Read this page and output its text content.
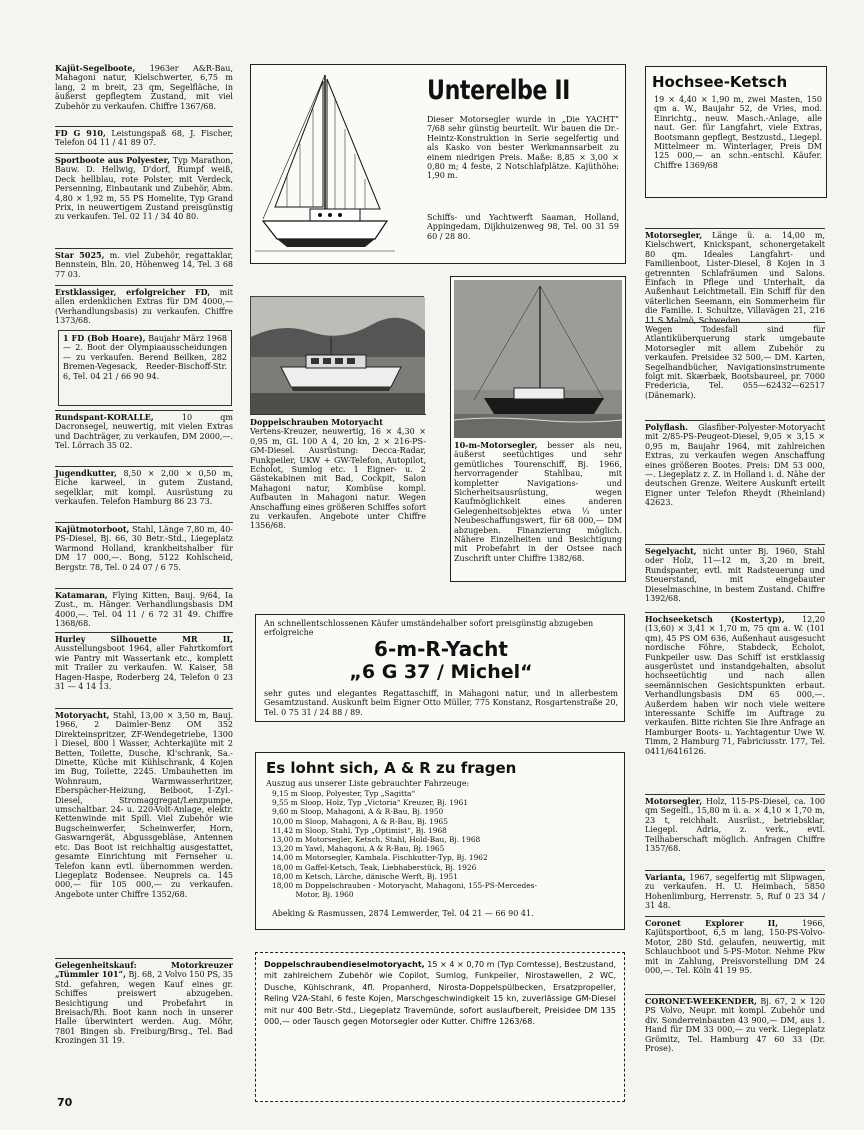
Kajüt-Segelboote, 1963er A&R-Bau, Mahagoni natur, Kielschwerter, 6,75 m lang, 2 m breit, 23 qm, Segelfläche, in äußerst gepflegtem Zustand, mit viel Zubehör zu verkaufen. Chiffre 1367/68.

FD G 910, Leistungspaß 68, J. Fischer, Telefon 04 11 / 41 89 07.

Sportboote aus Polyester, Typ Marathon, Bauw. D. Hellwig, D'dorf, Rumpf weiß, Deck hellblau, rote Polster, mit Verdeck, Persenning, Einbautank und Zubehör, Abm. 4,80 × 1,92 m, 55 PS Homelite, Typ Grand Prix, in neuwertigem Zustand preisgünstig zu verkaufen. Tel. 02 11 / 34 40 80.

Star 5025, m. viel Zubehör, regattaklar, Bennstein, Bln. 20, Höhenweg 14, Tel. 3 68 77 03.

Erstklassiger, erfolgreicher FD, mit allen erdenklichen Extras für DM 4000,— (Verhandlungsbasis) zu verkaufen. Chiffre 1373/68.

1 FD (Bob Hoare), Baujahr März 1968 — 2. Boot der Olympiaausscheidungen — zu verkaufen. Berend Beilken, 282 Bremen-Vegesack, Reeder-Bischoff-Str. 6, Tel. 04 21 / 66 90 94.

Rundspant-KORALLE, 10 qm Dacronsegel, neuwertig, mit vielen Extras und Dachträger, zu verkaufen, DM 2000,—. Tel. Lörrach 35 02.

Jugendkutter, 8,50 × 2,00 × 0,50 m, Eiche karweel, in gutem Zustand, segelklar, mit kompl. Ausrüstung zu verkaufen. Telefon Hamburg 86 23 73.

Kajütmotorboot, Stahl, Länge 7,80 m, 40-PS-Diesel, Bj. 66, 30 Betr.-Std., Liegeplatz Warmond Holland, krankheitshalber für DM 17 000,—. Bong, 5122 Kohlscheid, Bergstr. 78, Tel. 0 24 07 / 6 75.

Katamaran, Flying Kitten, Bauj. 9/64, Ia Zust., m. Hänger. Verhandlungsbasis DM 4000,—. Tel. 04 11 / 6 72 31 49. Chiffre 1368/68.

Hurley Silhouette MR II, Ausstellungsboot 1964, aller Fahrtkomfort wie Pantry mit Wassertank etc., komplett mit Trailer zu verkaufen. W. Kaiser, 58 Hagen-Haspe, Roderberg 24, Telefon 0 23 31 — 4 14 13.

Motoryacht, Stahl, 13,00 × 3,50 m, Bauj. 1966, 2 Daimler-Benz OM 352 Direkteinspritzer, ZF-Wendegetriebe, 1300 l Diesel, 800 l Wasser, Achterkajüte mit 2 Betten, Toilette, Dusche, Kl'schrank, Sa.-Dinette, Küche mit Kühlschrank, 4 Kojen im Bug, Toilette, 2245. Umbauhetten im Wohnraum, Warmwasserhritzer, Eberspächer-Heizung, Beiboot, 1-Zyl.-Diesel, Stromaggregat/Lenzpumpe, umschaltbar. 24- u. 220-Volt-Anlage, elektr. Kettenwinde mit Spill. Viel Zubehör wie Bugscheinwerfer, Scheinwerfer, Horn, Gaswarngerät, Abgussgebläse, Antennen etc. Das Boot ist reichhaltig ausgestattet, gesamte Einrichtung mit Fernseher u. Telefon kann evtl. übernommen werden. Liegeplatz Bodensee. Neupreis ca. 145 000,— für 105 000,— zu verkaufen. Angebote unter Chiffre 1352/68.

Gelegenheitskauf: Motorkreuzer „Tümmler 101“, Bj. 68, 2 Volvo 150 PS, 35 Std. gefahren, wegen Kauf eines gr. Schiffes preiswert abzugeben. Besichtigung und Probefahrt in Breisach/Rh. Boot kann noch in unserer Halle überwintert werden. Aug. Möhr, 7801 Bingen sb. Freiburg/Brsg., Tel. Bad Krozingen 31 19.

70
Unterelbe II

Dieser Motorsegler wurde in „Die YACHT“ 7/68 sehr günstig beurteilt. Wir bauen die Dr.-Heintz-Konstruktion in Serie segelfertig und als Kasko von bester Werkmannsarbeit zu einem niedrigen Preis. Maße: 8,85 × 3,00 × 0,80 m; 4 feste, 2 Notschlafplätze. Kajüthöhe: 1,90 m.

Schiffs- und Yachtwerft Saaman, Holland, Appingedam, Dijkhuizenweg 98, Tel. 00 31 59 60 / 28 80.

Doppelschrauben Motoryacht
Vertens-Kreuzer, neuwertig, 16 × 4,30 × 0,95 m, GL 100 A 4, 20 kn, 2 × 216-PS-GM-Diesel. Ausrüstung: Decca-Radar, Funkpeiler, UKW + GW-Telefon, Autopilot, Echolot, Sumlog etc. 1 Eigner- u. 2 Gästekabinen mit Bad, Cockpit, Salon Mahagoni natur, Kombüse kompl. Aufbauten in Mahagoni natur. Wegen Anschaffung eines größeren Schiffes sofort zu verkaufen. Angebote unter Chiffre 1356/68.

10-m-Motorsegler, besser als neu, äußerst seetüchtiges und sehr gemütliches Tourenschiff, Bj. 1966, hervorragender Stahlbau, mit kompletter Navigations- und Sicherheitsausrüstung, wegen Kaufmöglichkeit eines anderen Gelegenheitsobjektes etwa ⅓ unter Neubeschaffungswert, für 68 000,— DM abzugeben. Finanzierung möglich. Nähere Einzelheiten und Besichtigung mit Probefahrt in der Ostsee nach Zuschrift unter Chiffre 1382/68.

An schnellentschlossenen Käufer umständehalber sofort preisgünstig abzugeben erfolgreiche

6-m-R-Yacht
„6 G 37 / Michel“

sehr gutes und elegantes Regattaschiff, in Mahagoni natur, und in allerbestem Gesamtzustand. Auskunft beim Eigner Otto Müller, 775 Konstanz, Rosgartenstraße 20, Tel. 0 75 31 / 24 88 / 89.

Es lohnt sich, A & R zu fragen

Auszug aus unserer Liste gebrauchter Fahrzeuge:

9,15 m Sloop, Polyester, Typ „Sagitta“
9,55 m Sloop, Holz, Typ „Victoria“ Kreuzer, Bj. 1961
9,60 m Sloop, Mahagoni, A & R-Bau, Bj. 1950
10,00 m Sloop, Mahagoni, A & R-Bau, Bj. 1965
11,42 m Sloop, Stahl, Typ „Optimist“, Bj. 1968
13,00 m Motorsegler, Ketsch, Stahl, Hold-Bau, Bj. 1968
13,20 m Yawl, Mahagoni, A & R-Bau, Bj. 1965
14,00 m Motorsegler, Kambala. Fischkutter-Typ, Bj. 1962
18,00 m Gaffel-Ketsch, Teak, Liebhaberstück, Bj. 1926
18,00 m Ketsch, Lärche, dänische Werft, Bj. 1951
18,00 m Doppelschrauben - Motoryacht, Mahagoni, 155-PS-Mercedes-
Motor, Bj. 1960

Abeking & Rasmussen, 2874 Lemwerder, Tel. 04 21 — 66 90 41.

Doppelschraubendieselmotoryacht, 15 × 4 × 0,70 m (Typ Comtesse), Bestzustand, mit zahlreichem Zubehör wie Copilot, Sumlog, Funkpeiler, Nirostawellen, 2 WC, Dusche, Kühlschrank, 4fl. Propanherd, Nirosta-Doppelspülbecken, Ersatzpropeller, Reling V2A-Stahl, 6 feste Kojen, Marschgeschwindigkeit 15 kn, zuverlässige GM-Diesel mit nur 400 Betr.-Std., Liegeplatz Travemünde, sofort auslaufbereit, Preisidee DM 135 000,— oder Tausch gegen Motorsegler oder Kutter. Chiffre 1263/68.

Hochsee-Ketsch

19 × 4,40 × 1,90 m, zwei Masten, 150 qm a. W., Baujahr 52, de Vries, mod. Einrichtg., neuw. Masch.-Anlage, alle naut. Ger. für Langfahrt, viele Extras, Bootsmann gepflegt, Bestzustd., Liegepl. Mittelmeer m. Winterlager, Preis DM 125 000,— an schn.-entschl. Käufer. Chiffre 1369/68

Motorsegler, Länge ü. a. 14,00 m, Kielschwert, Knickspant, schonergetakelt 80 qm. Ideales Langfahrt- und Familienboot, Lister-Diesel, 8 Kojen in 3 getrennten Schlafräumen und Salons. Einfach in Pflege und Unterhalt, da Außenhaut Leichtmetall. Ein Schiff für den väterlichen Seemann, ein Sommerheim für die Familie. I. Schultze, Villavägen 21, 216 11 S Malmö, Schweden.

Wegen Todesfall sind für Atlantiküberquerung stark umgebaute Motorsegler mit allem Zubehör zu verkaufen. Preisidee 32 500,— DM. Karten, Segelhandbücher, Navigationsinstrumente folgt mit. Skærbæk, Bootsbaureel, pr. 7000 Fredericia, Tel. 055—62432—62517 (Dänemark).

Polyflash. Glasfiber-Polyester-Motoryacht mit 2/85-PS-Peugeot-Diesel, 9,05 × 3,15 × 0,95 m, Baujahr 1964, mit zahlreichen Extras, zu verkaufen wegen Anschaffung eines größeren Bootes. Preis: DM 53 000,—. Liegeplatz z. Z. in Holland i. d. Nähe der deutschen Grenze. Weitere Auskunft erteilt Eigner unter Telefon Rheydt (Rheinland) 42623.

Segelyacht, nicht unter Bj. 1960, Stahl oder Holz, 11—12 m, 3,20 m breit, Rundspanter, evtl. mit Radsteuerung und Steuerstand, mit eingebauter Dieselmaschine, in bestem Zustand. Chiffre 1392/68.

Hochseeketsch (Kostertyp), 12,20 (13,60) × 3,41 × 1,70 m, 75 qm a. W. (101 qm), 45 PS OM 636, Außenhaut ausgesucht nordische Föhre, Stabdeck, Echolot, Funkpeiler usw. Das Schiff ist erstklassig ausgerüstet und instandgehalten, absolut hochseetüchtig und nach allen seemännischen Gesichtspunkten erbaut. Verhandlungsbasis DM 65 000,—. Außerdem haben wir noch viele weitere interessante Schiffe im Auftrage zu verkaufen. Bitte richten Sie Ihre Anfrage an Hamburger Boots- u. Yachtagentur Uwe W. Timm, 2 Hamburg 71, Fabriciusstr. 177, Tel. 0411/6416126.

Motorsegler, Holz, 115-PS-Diesel, ca. 100 qm Segelfl., 15,80 m ü. a. × 4,10 × 1,70 m, 23 t, reichhalt. Ausrüst., betriebsklar, Liegepl. Adria, z. verk., evtl. Teilhaberschaft möglich. Anfragen Chiffre 1357/68.

Varianta, 1967, segelfertig mit Slipwagen, zu verkaufen. H. U. Heimbach, 5850 Hohenlimburg, Herrenstr. 5, Ruf 0 23 34 / 31 48.

Coronet Explorer II, 1966, Kajütsportboot, 6,5 m lang, 150-PS-Volvo-Motor, 280 Std. gelaufen, neuwertig, mit Schlauchboot und 5-PS-Motor. Nehme Pkw mit in Zahlung, Preisvorstellung DM 24 000,—. Tel. Köln 41 19 95.

CORONET-WEEKENDER, Bj. 67, 2 × 120 PS Volvo, Neupr. mit kompl. Zubehör und div. Sonderreinbauten 43 900,— DM, aus 1. Hand für DM 33 000,— zu verk. Liegeplatz Grömitz, Tel. Hamburg 47 60 33 (Dr. Prose).
